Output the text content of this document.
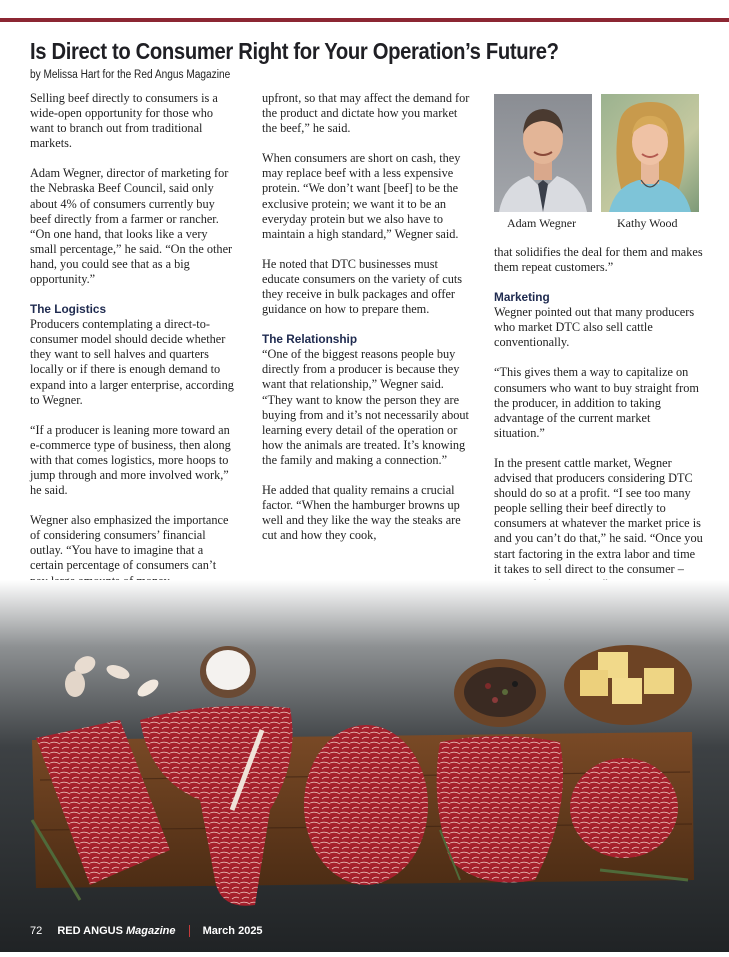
Is Direct to Consumer Right for Your Operation’s Future?
by Melissa Hart for the Red Angus Magazine

Selling beef directly to consumers is a wide-open opportunity for those who want to branch out from traditional markets.

Adam Wegner, director of marketing for the Nebraska Beef Council, said only about 4% of consumers currently buy beef directly from a farmer or rancher. “On one hand, that looks like a very small percentage,” he said. “On the other hand, you could see that as a big opportunity.”

The Logistics

Producers contemplating a direct-to-consumer model should decide whether they want to sell halves and quarters locally or if there is enough demand to expand into a larger enterprise, according to Wegner.

“If a producer is leaning more toward an e-commerce type of business, then along with that comes logistics, more hoops to jump through and more involved work,” he said.

Wegner also emphasized the importance of considering consumers’ financial outlay. “You have to imagine that a certain percentage of consumers can’t

upfront, so that may affect the demand for the product and dictate how you market the beef,” he said.

When consumers are short on cash, they may replace beef with a less expensive protein. “We don’t want [beef] to be the exclusive protein; we want it to be an everyday protein but we also have to maintain a high standard,” Wegner said.

He noted that DTC businesses must educate consumers on the variety of cuts they receive in bulk packages and offer guidance on how to prepare them.

The Relationship

“One of the biggest reasons people buy directly from a producer is because they want that relationship,” Wegner said. “They want to know the person they are buying from and it’s not necessarily about learning every detail of the operation or how the animals are treated. It’s knowing the family and making a connection.”

He added that quality remains a crucial factor. “When the hamburger browns up well and they like the way the steaks are cut and how they cook,

Adam Wegner	Kathy Wood

that solidifies the deal for them and makes them repeat customers.”

Marketing

Wegner pointed out that many producers who market DTC also sell cattle conventionally.

“This gives them a way to capitalize on consumers who want to buy straight from the producer, in addition to taking advantage of the current market situation.”

In the present cattle market, Wegner advised that producers considering DTC should do so at a profit. “I see too many people selling their beef directly to consumers at whatever the market price is and you can’t do that,” he said. “Once you start factoring in the extra labor and time it takes to sell direct to the consumer –

72 RED ANGUS Magazine March 2025
